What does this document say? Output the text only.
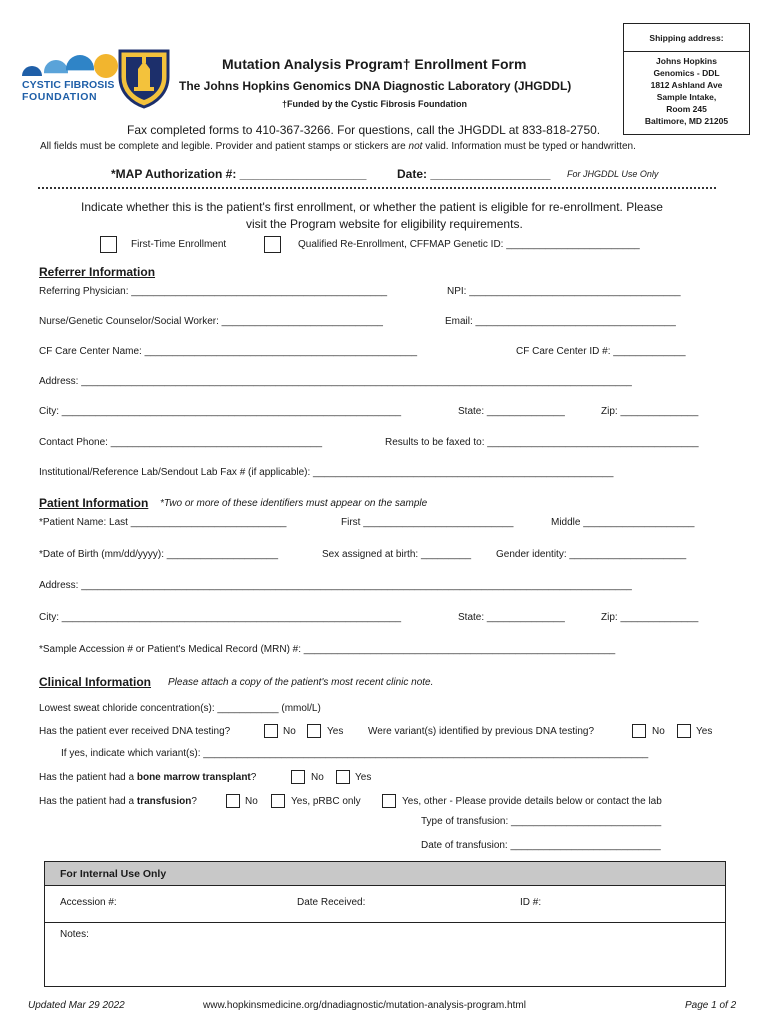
CYSTIC FIBROSIS
FOUNDATION
Mutation Analysis Program† Enrollment Form
The Johns Hopkins Genomics DNA Diagnostic Laboratory (JHGDDL)
†Funded by the Cystic Fibrosis Foundation
Shipping address:
Johns Hopkins
Genomics - DDL
1812 Ashland Ave
Sample Intake,
Room 245
Baltimore, MD 21205
Fax completed forms to 410-367-3266. For questions, call the JHGDDL at 833-818-2750.
All fields must be complete and legible. Provider and patient stamps or stickers are not valid. Information must be typed or handwritten.
*MAP Authorization #: ___________________	Date: __________________ For JHGDDL Use Only
Indicate whether this is the patient's first enrollment, or whether the patient is eligible for re-enrollment. Please
visit the Program website for eligibility requirements.
First-Time Enrollment	Qualified Re-Enrollment, CFFMAP Genetic ID: ________________________
Referrer Information
Referring Physician: ______________________________________________	NPI: ______________________________________
Nurse/Genetic Counselor/Social Worker: _____________________________	Email: ____________________________________
CF Care Center Name: _________________________________________________	CF Care Center ID #: _____________
Address: ___________________________________________________________________________________________________
City: _____________________________________________________________	State: ______________	Zip: ______________
Contact Phone: ______________________________________	Results to be faxed to: ______________________________________
Institutional/Reference Lab/Sendout Lab Fax # (if applicable): ______________________________________________________
Patient Information *Two or more of these identifiers must appear on the sample
*Patient Name: Last ____________________________	First ___________________________	Middle ____________________
*Date of Birth (mm/dd/yyyy): ____________________	Sex assigned at birth: _________	Gender identity: _____________________
Address: ___________________________________________________________________________________________________
City: _____________________________________________________________	State: ______________	Zip: ______________
*Sample Accession # or Patient's Medical Record (MRN) #: ________________________________________________________
Clinical Information Please attach a copy of the patient's most recent clinic note.
Lowest sweat chloride concentration(s): ___________ (mmol/L)
Has the patient ever received DNA testing?	No	Yes Were variant(s) identified by previous DNA testing?	No	Yes
If yes, indicate which variant(s): ________________________________________________________________________________
Has the patient had a bone marrow transplant?	No	Yes
Has the patient had a transfusion?	No	Yes, pRBC only	Yes, other - Please provide details below or contact the lab
Type of transfusion: ___________________________
Date of transfusion: ___________________________
For Internal Use Only
Accession #:	Date Received:	ID #:
Notes:
Updated Mar 29 2022	www.hopkinsmedicine.org/dnadiagnostic/mutation-analysis-program.html	Page 1 of 2
